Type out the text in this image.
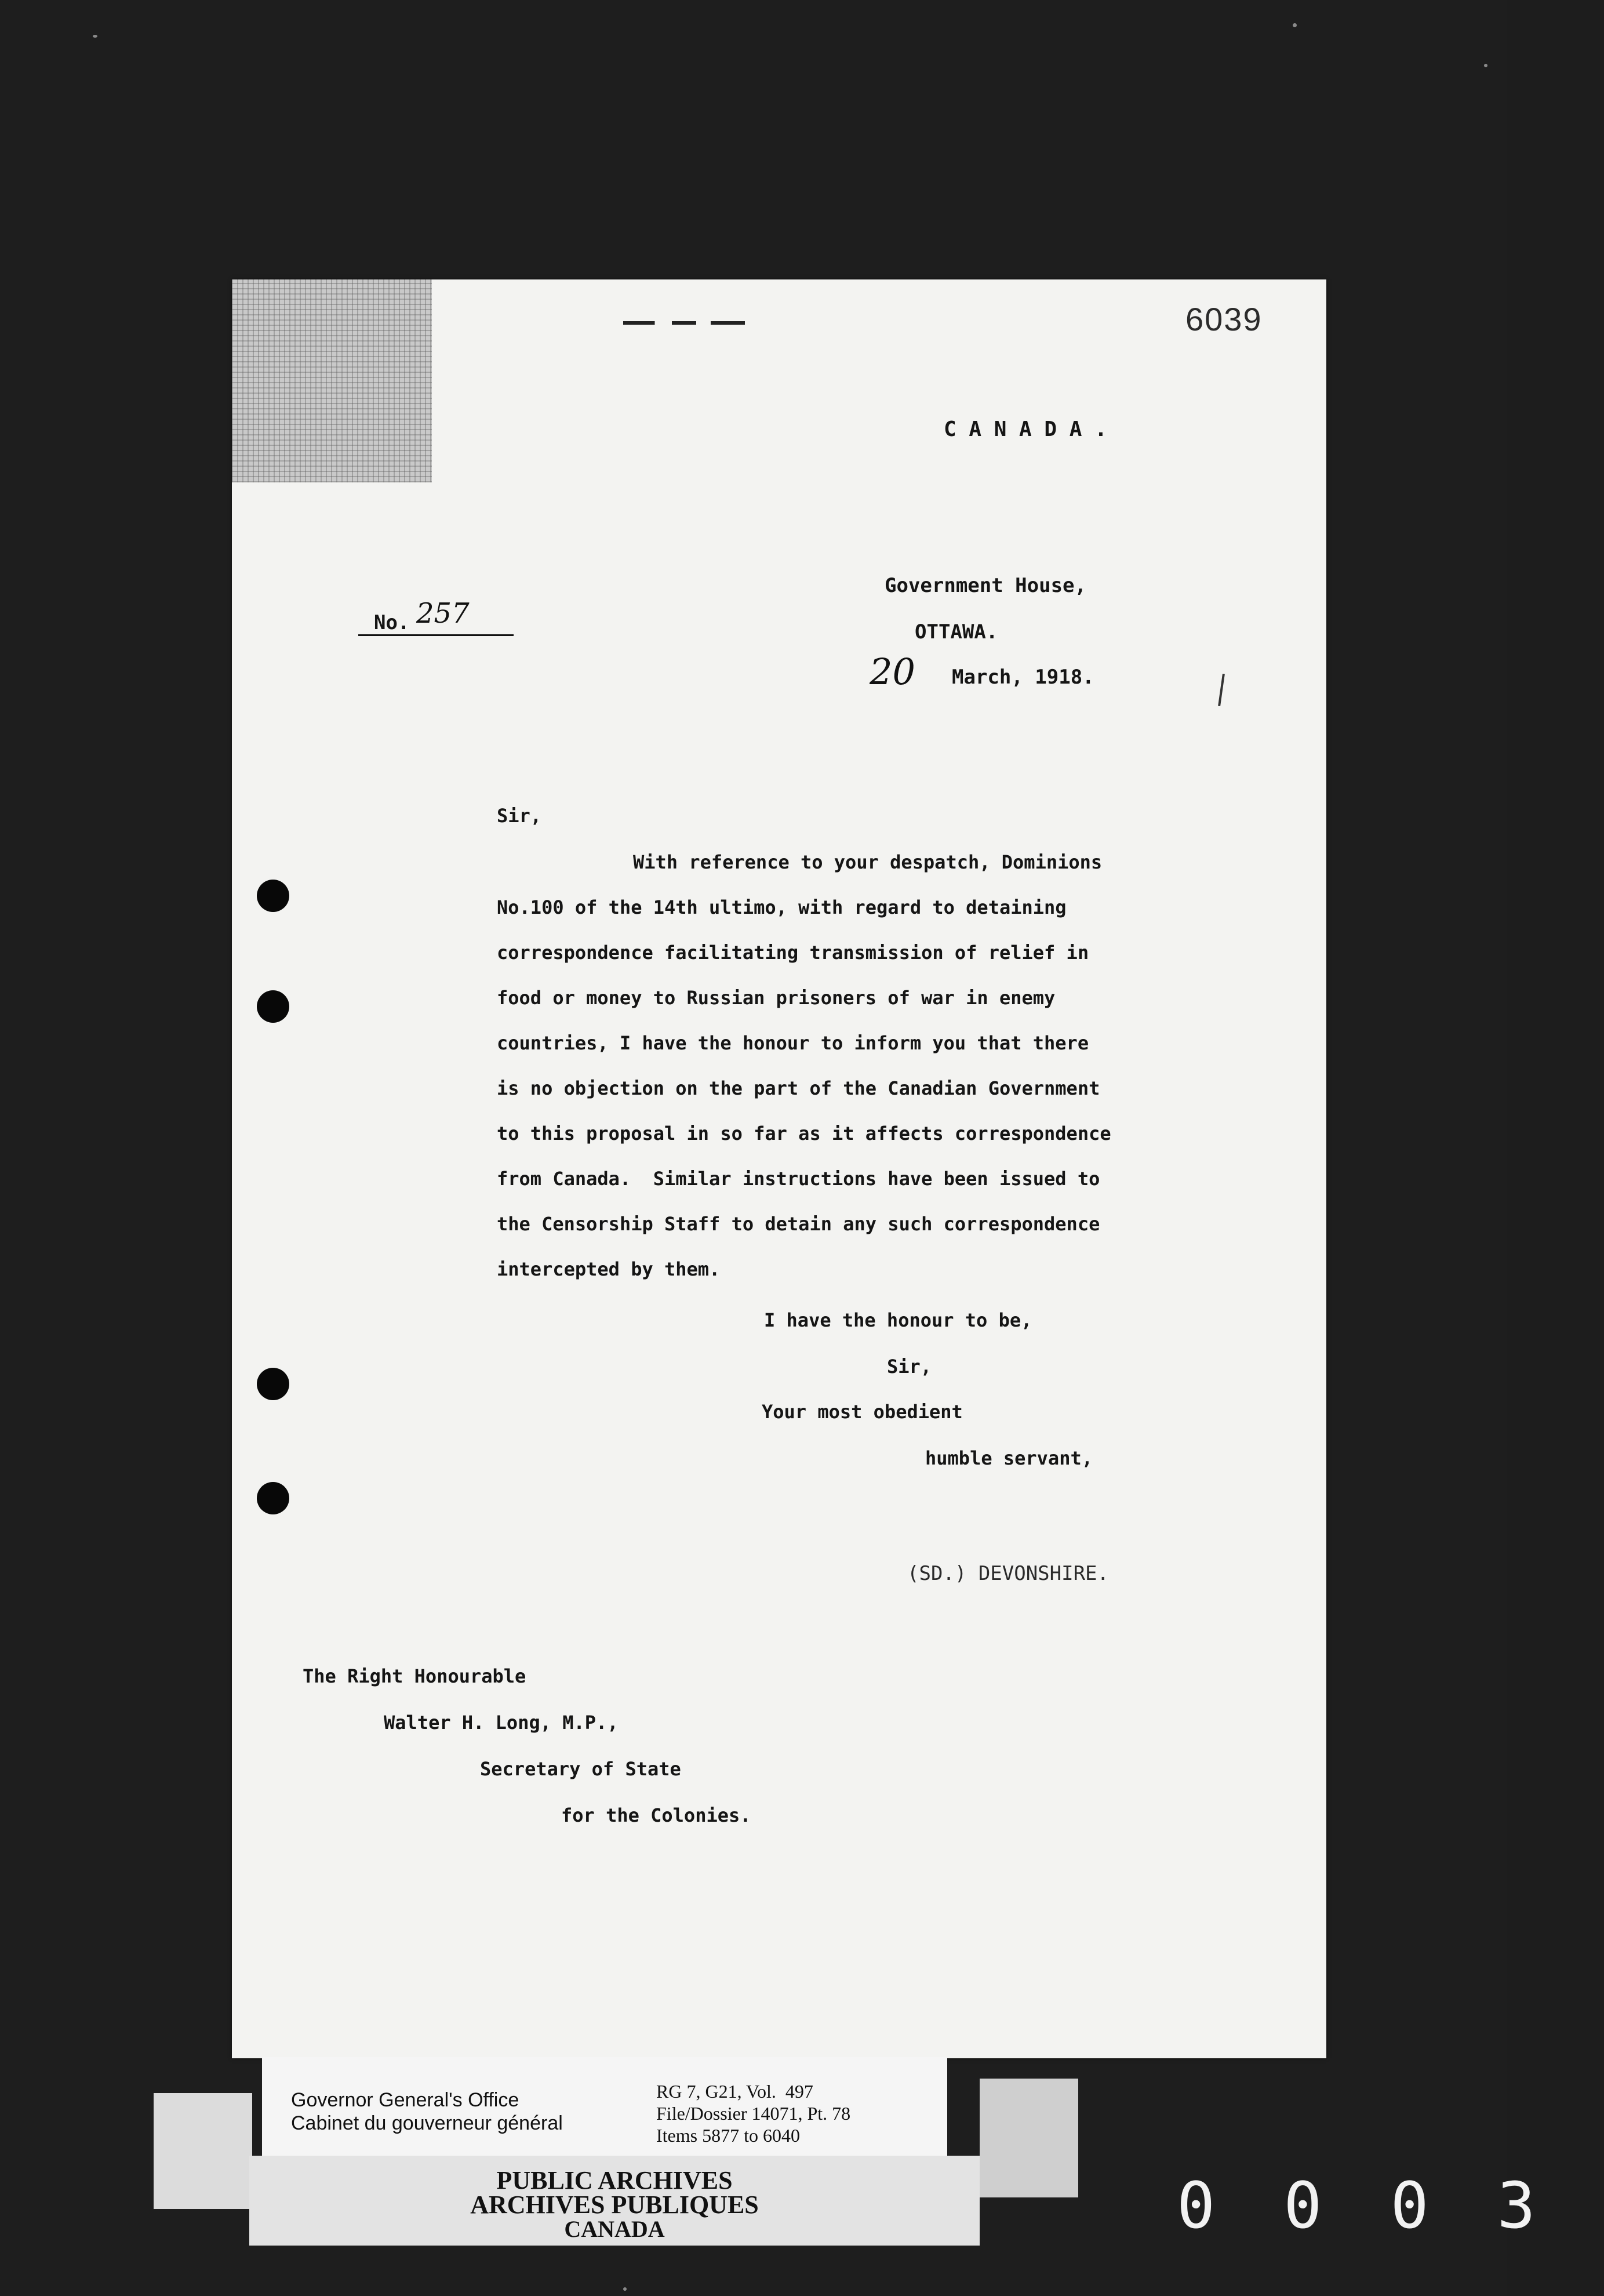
6039
C A N A D A .
Government House,
OTTAWA.
No. 257
20 March, 1918.
Sir,
With reference to your despatch, Dominions
No.100 of the 14th ultimo, with regard to detaining
correspondence facilitating transmission of relief in
food or money to Russian prisoners of war in enemy
countries, I have the honour to inform you that there
is no objection on the part of the Canadian Government
to this proposal in so far as it affects correspondence
from Canada.  Similar instructions have been issued to
the Censorship Staff to detain any such correspondence
intercepted by them.
I have the honour to be,
Sir,
Your most obedient
humble servant,
(SD.) DEVONSHIRE.
The Right Honourable
Walter H. Long, M.P.,
Secretary of State
for the Colonies.
Governor General's Office
Cabinet du gouverneur général
RG 7, G21, Vol.  497
File/Dossier 14071, Pt. 78
Items 5877 to 6040
PUBLIC ARCHIVES
ARCHIVES PUBLIQUES
CANADA	0003
